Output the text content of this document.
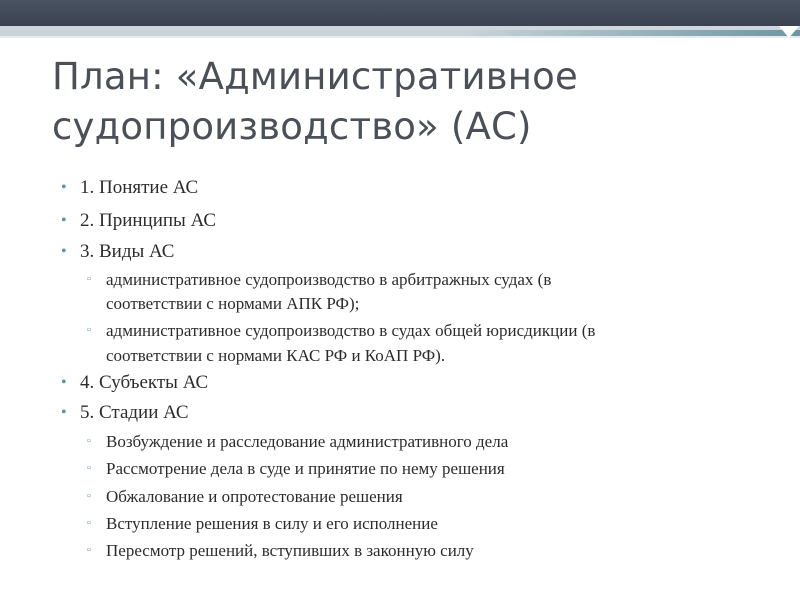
План: «Административное
судопроизводство» (АС)
• 1. Понятие АС
• 2. Принципы АС
• 3. Виды АС
▫ административное судопроизводство в арбитражных судах (в
соответствии с нормами АПК РФ);
▫ административное судопроизводство в судах общей юрисдикции (в
соответствии с нормами КАС РФ и КоАП РФ).
• 4. Субъекты АС
• 5. Стадии АС
▫ Возбуждение и расследование административного дела
▫ Рассмотрение дела в суде и принятие по нему решения
▫ Обжалование и опротестование решения
▫ Вступление решения в силу и его исполнение
▫ Пересмотр решений, вступивших в законную силу
